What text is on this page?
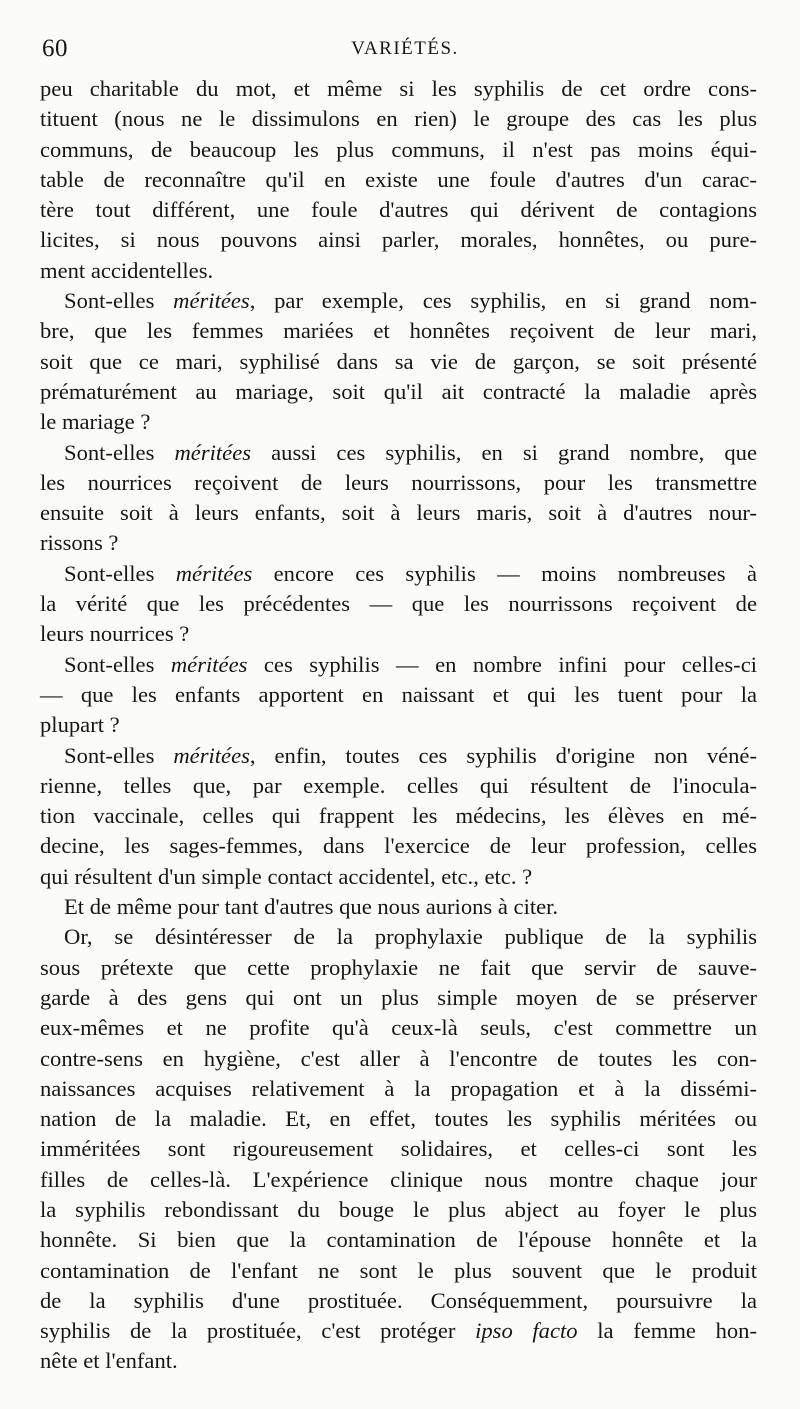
60	VARIÉTÉS.
peu charitable du mot, et même si les syphilis de cet ordre cons-
tituent (nous ne le dissimulons en rien) le groupe des cas les plus
communs, de beaucoup les plus communs, il n'est pas moins équi-
table de reconnaître qu'il en existe une foule d'autres d'un carac-
tère tout différent, une foule d'autres qui dérivent de contagions
licites, si nous pouvons ainsi parler, morales, honnêtes, ou pure-
ment accidentelles.
Sont-elles méritées, par exemple, ces syphilis, en si grand nom-
bre, que les femmes mariées et honnêtes reçoivent de leur mari,
soit que ce mari, syphilisé dans sa vie de garçon, se soit présenté
prématurément au mariage, soit qu'il ait contracté la maladie après
le mariage ?
Sont-elles méritées aussi ces syphilis, en si grand nombre, que
les nourrices reçoivent de leurs nourrissons, pour les transmettre
ensuite soit à leurs enfants, soit à leurs maris, soit à d'autres nour-
rissons ?
Sont-elles méritées encore ces syphilis — moins nombreuses à
la vérité que les précédentes — que les nourrissons reçoivent de
leurs nourrices ?
Sont-elles méritées ces syphilis — en nombre infini pour celles-ci
— que les enfants apportent en naissant et qui les tuent pour la
plupart ?
Sont-elles méritées, enfin, toutes ces syphilis d'origine non véné-
rienne, telles que, par exemple. celles qui résultent de l'inocula-
tion vaccinale, celles qui frappent les médecins, les élèves en mé-
decine, les sages-femmes, dans l'exercice de leur profession, celles
qui résultent d'un simple contact accidentel, etc., etc. ?
Et de même pour tant d'autres que nous aurions à citer.
Or, se désintéresser de la prophylaxie publique de la syphilis
sous prétexte que cette prophylaxie ne fait que servir de sauve-
garde à des gens qui ont un plus simple moyen de se préserver
eux-mêmes et ne profite qu'à ceux-là seuls, c'est commettre un
contre-sens en hygiène, c'est aller à l'encontre de toutes les con-
naissances acquises relativement à la propagation et à la dissémi-
nation de la maladie. Et, en effet, toutes les syphilis méritées ou
imméritées sont rigoureusement solidaires, et celles-ci sont les
filles de celles-là. L'expérience clinique nous montre chaque jour
la syphilis rebondissant du bouge le plus abject au foyer le plus
honnête. Si bien que la contamination de l'épouse honnête et la
contamination de l'enfant ne sont le plus souvent que le produit
de la syphilis d'une prostituée. Conséquemment, poursuivre la
syphilis de la prostituée, c'est protéger ipso facto la femme hon-
nête et l'enfant.
